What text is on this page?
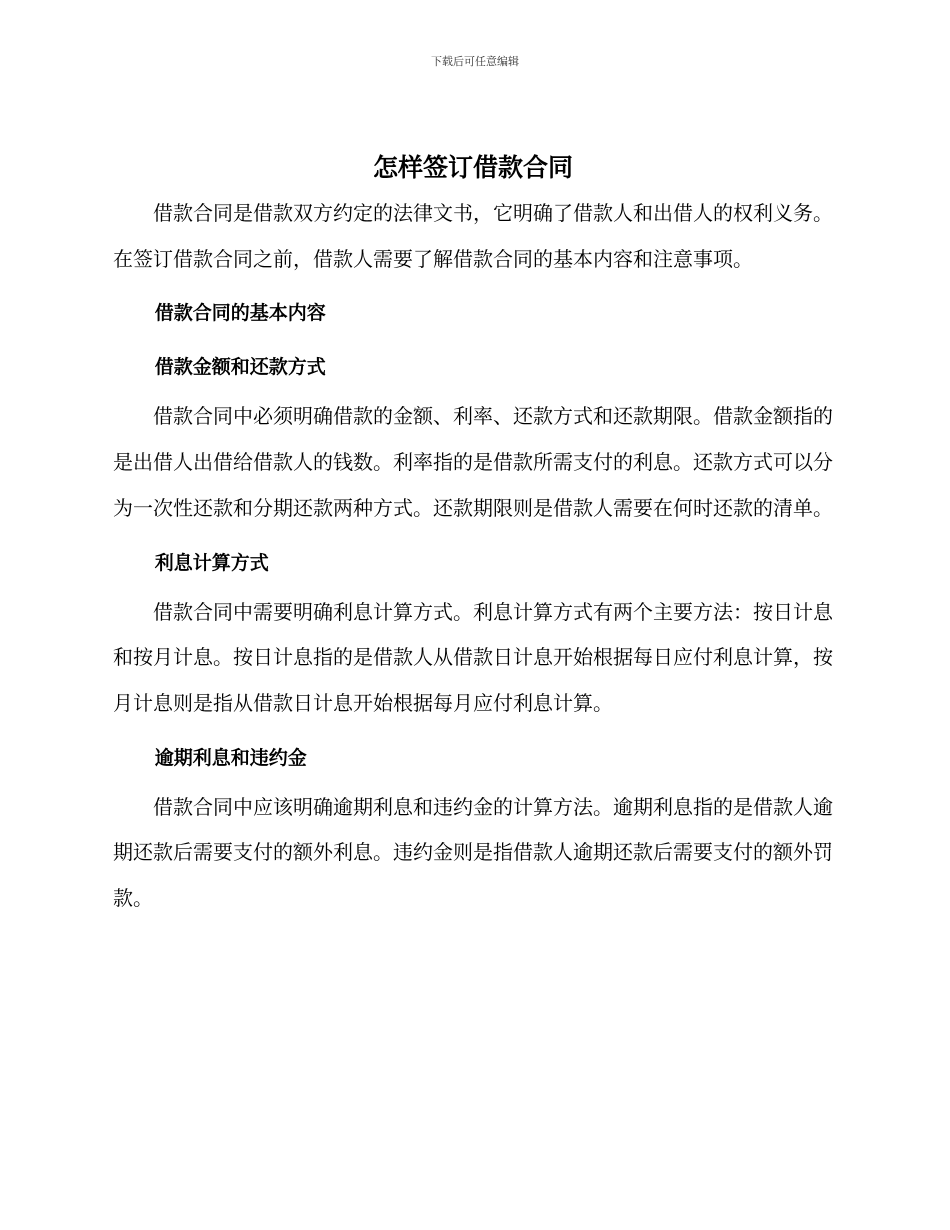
下载后可任意编辑
怎样签订借款合同

借款合同是借款双方约定的法律文书，它明确了借款人和出借人的权利义务。在签订借款合同之前，借款人需要了解借款合同的基本内容和注意事项。

借款合同的基本内容
借款金额和还款方式

借款合同中必须明确借款的金额、利率、还款方式和还款期限。借款金额指的是出借人出借给借款人的钱数。利率指的是借款所需支付的利息。还款方式可以分为一次性还款和分期还款两种方式。还款期限则是借款人需要在何时还款的清单。

利息计算方式

借款合同中需要明确利息计算方式。利息计算方式有两个主要方法：按日计息和按月计息。按日计息指的是借款人从借款日计息开始根据每日应付利息计算，按月计息则是指从借款日计息开始根据每月应付利息计算。

逾期利息和违约金

借款合同中应该明确逾期利息和违约金的计算方法。逾期利息指的是借款人逾期还款后需要支付的额外利息。违约金则是指借款人逾期还款后需要支付的额外罚款。
